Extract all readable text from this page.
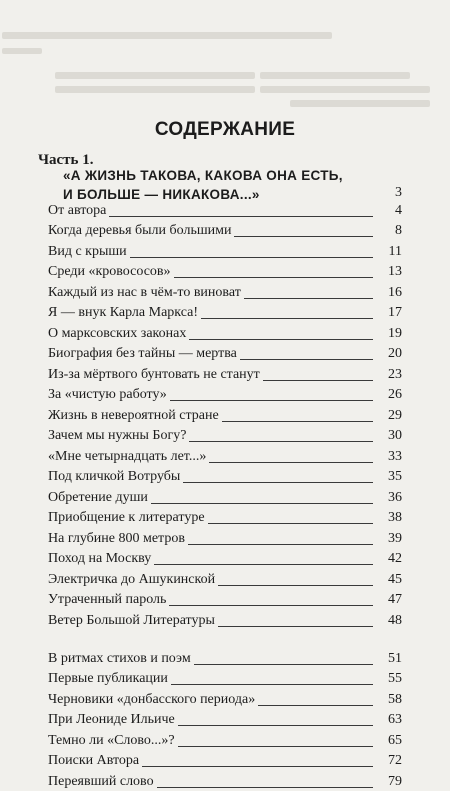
СОДЕРЖАНИЕ
Часть 1.
«А ЖИЗНЬ ТАКОВА, КАКОВА ОНА ЕСТЬ,
И БОЛЬШЕ — НИКАКОВА...»	3
От автора	4
Когда деревья были большими	8
Вид с крыши	11
Среди «кровососов»	13
Каждый из нас в чём-то виноват	16
Я — внук Карла Маркса!	17
О марксовских законах	19
Биография без тайны — мертва	20
Из-за мёртвого бунтовать не станут	23
За «чистую работу»	26
Жизнь в невероятной стране	29
Зачем мы нужны Богу?	30
«Мне четырнадцать лет...»	33
Под кличкой Вотрубы	35
Обретение души	36
Приобщение к литературе	38
На глубине 800 метров	39
Поход на Москву	42
Электричка до Ашукинской	45
Утраченный пароль	47
Ветер Большой Литературы	48
В ритмах стихов и поэм	51
Первые публикации	55
Черновики «донбасского периода»	58
При Леониде Ильиче	63
Темно ли «Слово...»?	65
Поиски Автора	72
Переявший слово	79
